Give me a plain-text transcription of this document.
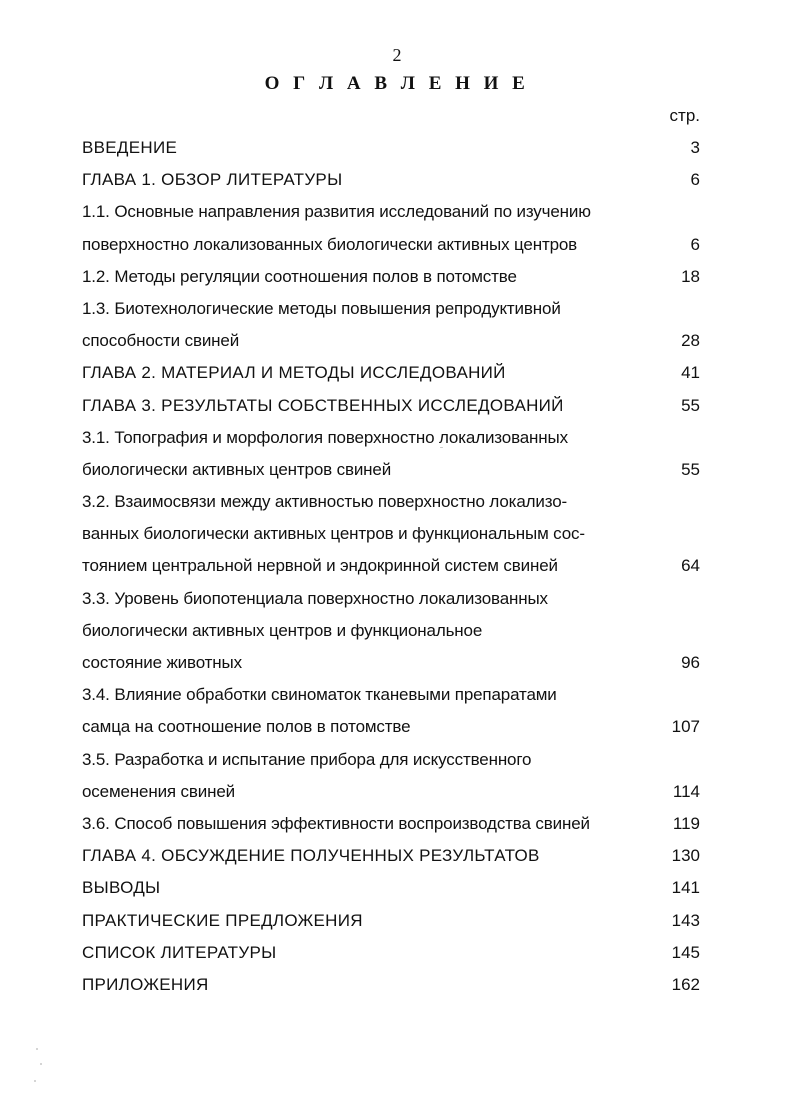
2
О Г Л А В Л Е Н И Е
стр.
ВВЕДЕНИЕ	3
ГЛАВА 1. ОБЗОР ЛИТЕРАТУРЫ	6
1.1. Основные направления развития исследований по изучению
поверхностно локализованных биологически активных центров	6
1.2. Методы регуляции соотношения полов в потомстве	18
1.3. Биотехнологические методы повышения репродуктивной
способности свиней	28
ГЛАВА 2. МАТЕРИАЛ И МЕТОДЫ ИССЛЕДОВАНИЙ	41
ГЛАВА 3. РЕЗУЛЬТАТЫ СОБСТВЕННЫХ ИССЛЕДОВАНИЙ	55
3.1. Топография и морфология поверхностно локализованных
биологически активных центров свиней	55
3.2. Взаимосвязи между активностью поверхностно локализо-
ванных биологически активных центров и функциональным сос-
тоянием центральной нервной и эндокринной систем свиней	64
3.3. Уровень биопотенциала поверхностно локализованных
биологически активных центров и функциональное
состояние животных	96
3.4. Влияние обработки свиноматок тканевыми препаратами
самца на соотношение полов в потомстве	107
3.5. Разработка и испытание прибора для искусственного
осеменения свиней	114
3.6. Способ повышения эффективности воспроизводства свиней	119
ГЛАВА 4. ОБСУЖДЕНИЕ ПОЛУЧЕННЫХ РЕЗУЛЬТАТОВ	130
ВЫВОДЫ	141
ПРАКТИЧЕСКИЕ ПРЕДЛОЖЕНИЯ	143
СПИСОК ЛИТЕРАТУРЫ	145
ПРИЛОЖЕНИЯ	162
